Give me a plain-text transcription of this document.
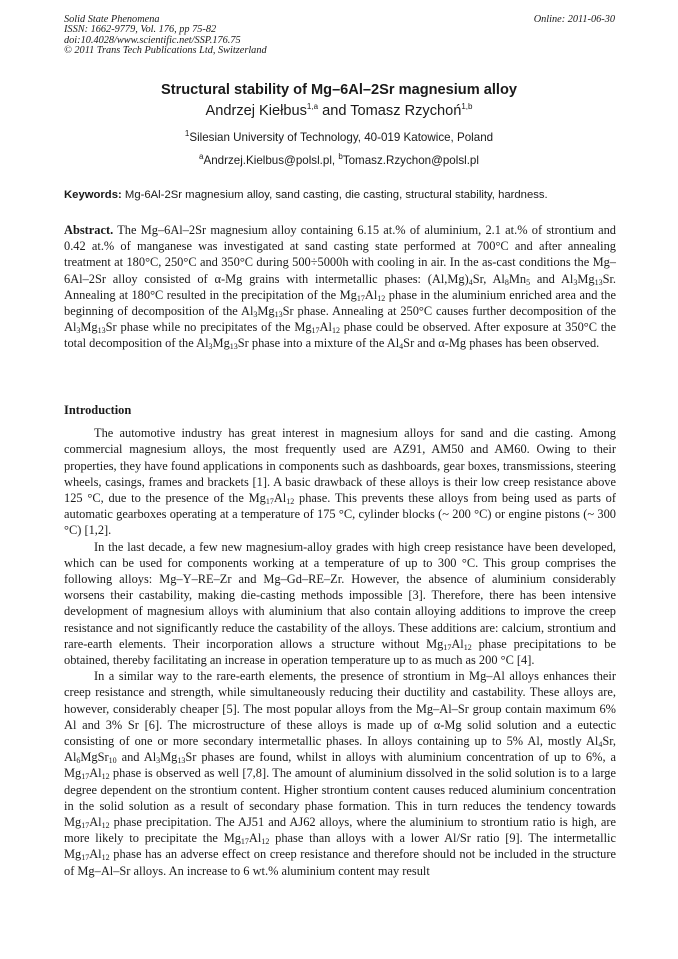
Solid State Phenomena
ISSN: 1662-9779, Vol. 176, pp 75-82
doi:10.4028/www.scientific.net/SSP.176.75
© 2011 Trans Tech Publications Ltd, Switzerland
Online: 2011-06-30
Structural stability of Mg–6Al–2Sr magnesium alloy
Andrzej Kiełbus$^{1,a}$ and Tomasz Rzychoń$^{1,b}$
$^1$Silesian University of Technology, 40-019 Katowice, Poland
$^a$Andrzej.Kielbus@polsl.pl, $^b$Tomasz.Rzychon@polsl.pl
Keywords: Mg-6Al-2Sr magnesium alloy, sand casting, die casting, structural stability, hardness.

Abstract. The Mg–6Al–2Sr magnesium alloy containing 6.15 at.% of aluminium, 2.1 at.% of strontium and 0.42 at.% of manganese was investigated at sand casting state performed at 700°C and after annealing treatment at 180°C, 250°C and 350°C during 500÷5000h with cooling in air. In the as-cast conditions the Mg–6Al–2Sr alloy consisted of α-Mg grains with intermetallic phases: $(Al,Mg)_4Sr$, $Al_8Mn_5$ and $Al_3Mg_{13}Sr$. Annealing at 180°C resulted in the precipitation of the $Mg_{17}Al_{12}$ phase in the aluminium enriched area and the beginning of decomposition of the $Al_3Mg_{13}Sr$ phase. Annealing at 250°C causes further decomposition of the $Al_3Mg_{13}Sr$ phase while no precipitates of the $Mg_{17}Al_{12}$ phase could be observed. After exposure at 350°C the total decomposition of the $Al_3Mg_{13}Sr$ phase into a mixture of the $Al_4Sr$ and α-Mg phases has been observed.

Introduction

The automotive industry has great interest in magnesium alloys for sand and die casting. Among commercial magnesium alloys, the most frequently used are AZ91, AM50 and AM60. Owing to their properties, they have found applications in components such as dashboards, gear boxes, transmissions, steering wheels, casings, frames and brackets [1]. A basic drawback of these alloys is their low creep resistance above 125 °C, due to the presence of the $Mg_{17}Al_{12}$ phase. This prevents these alloys from being used as parts of automatic gearboxes operating at a temperature of 175 °C, cylinder blocks (~ 200 °C) or engine pistons (~ 300 °C) [1,2].

In the last decade, a few new magnesium-alloy grades with high creep resistance have been developed, which can be used for components working at a temperature of up to 300 °C. This group comprises the following alloys: Mg–Y–RE–Zr and Mg–Gd–RE–Zr. However, the absence of aluminium considerably worsens their castability, making die-casting methods impossible [3]. Therefore, there has been intensive development of magnesium alloys with aluminium that also contain alloying additions to improve the creep resistance and not significantly reduce the castability of the alloys. These additions are: calcium, strontium and rare-earth elements. Their incorporation allows a structure without $Mg_{17}Al_{12}$ phase precipitations to be obtained, thereby facilitating an increase in operation temperature up to as much as 200 °C [4].

In a similar way to the rare-earth elements, the presence of strontium in Mg–Al alloys enhances their creep resistance and strength, while simultaneously reducing their ductility and castability. These alloys are, however, considerably cheaper [5]. The most popular alloys from the Mg–Al–Sr group contain maximum 6% Al and 3% Sr [6]. The microstructure of these alloys is made up of α-Mg solid solution and a eutectic consisting of one or more secondary intermetallic phases. In alloys containing up to 5% Al, mostly $Al_4Sr$, $Al_6MgSr_{10}$ and $Al_3Mg_{13}Sr$ phases are found, whilst in alloys with aluminium concentration of up to 6%, a $Mg_{17}Al_{12}$ phase is observed as well [7,8]. The amount of aluminium dissolved in the solid solution is to a large degree dependent on the strontium content. Higher strontium content causes reduced aluminium concentration in the solid solution as a result of secondary phase formation. This in turn reduces the tendency towards $Mg_{17}Al_{12}$ phase precipitation. The AJ51 and AJ62 alloys, where the aluminium to strontium ratio is high, are more likely to precipitate the $Mg_{17}Al_{12}$ phase than alloys with a lower Al/Sr ratio [9]. The intermetallic $Mg_{17}Al_{12}$ phase has an adverse effect on creep resistance and therefore should not be included in the structure of Mg–Al–Sr alloys. An increase to 6 wt.% aluminium content may result
